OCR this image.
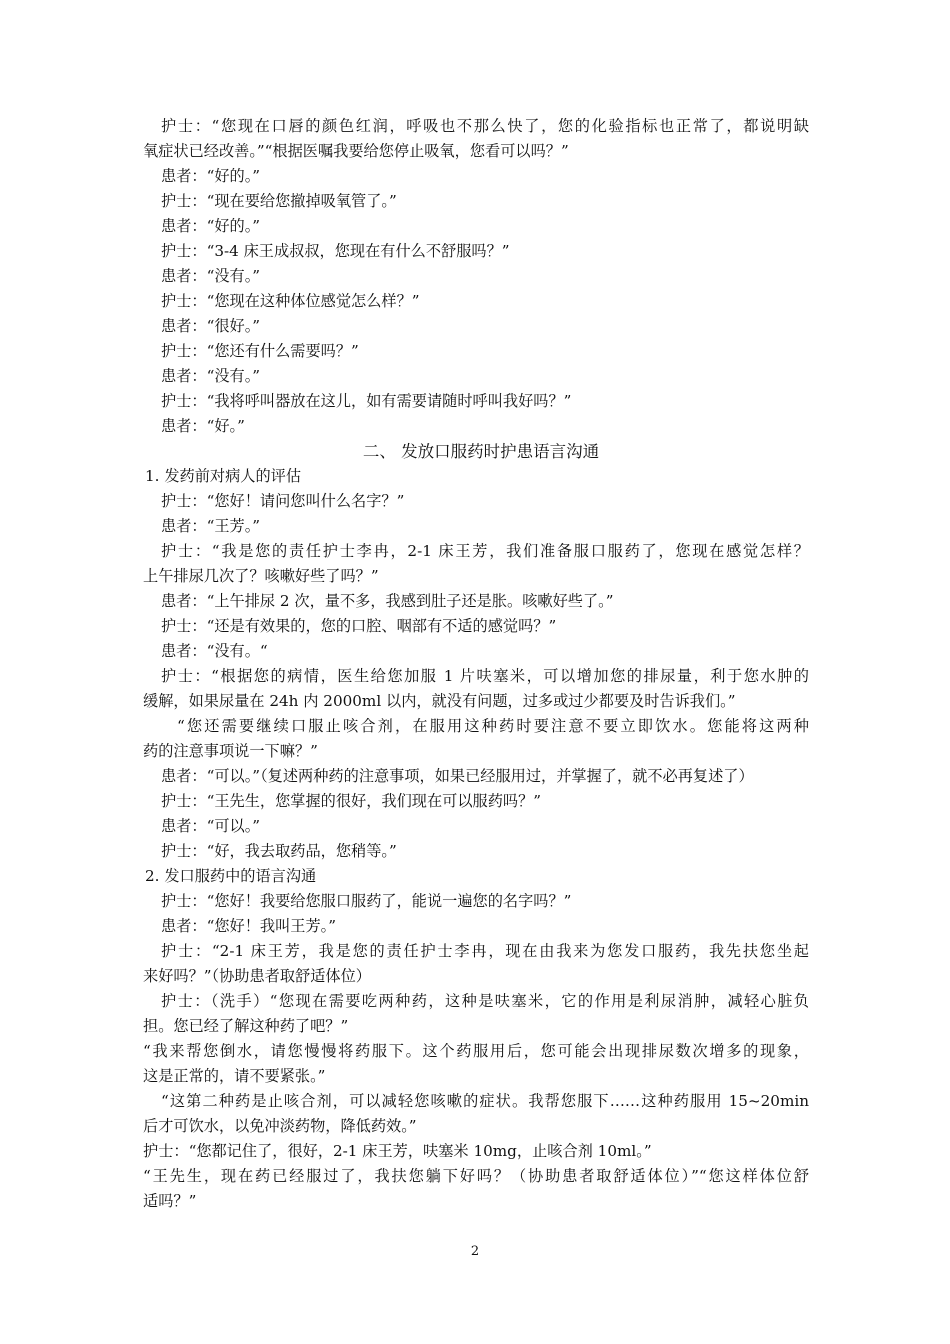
护士：“您现在口唇的颜色红润，呼吸也不那么快了，您的化验指标也正常了，都说明缺
氧症状已经改善。”“根据医嘱我要给您停止吸氧，您看可以吗？”
患者：“好的。”
护士：“现在要给您撤掉吸氧管了。”
患者：“好的。”
护士：“3-4 床王成叔叔，您现在有什么不舒服吗？”
患者：“没有。”
护士：“您现在这种体位感觉怎么样？”
患者：“很好。”
护士：“您还有什么需要吗？”
患者：“没有。”
护士：“我将呼叫器放在这儿，如有需要请随时呼叫我好吗？”
患者：“好。”
二、 发放口服药时护患语言沟通
1. 发药前对病人的评估
护士：“您好！请问您叫什么名字？”
患者：“王芳。”
护士：“我是您的责任护士李冉，2-1 床王芳，我们准备服口服药了，您现在感觉怎样？
上午排尿几次了？咳嗽好些了吗？”
患者：“上午排尿 2 次，量不多，我感到肚子还是胀。咳嗽好些了。”
护士：“还是有效果的，您的口腔、咽部有不适的感觉吗？”
患者：“没有。“
护士：“根据您的病情，医生给您加服 1 片呋塞米，可以增加您的排尿量，利于您水肿的
缓解，如果尿量在 24h 内 2000ml 以内，就没有问题，过多或过少都要及时告诉我们。”
“您还需要继续口服止咳合剂，在服用这种药时要注意不要立即饮水。您能将这两种
药的注意事项说一下嘛？”
患者：“可以。”（复述两种药的注意事项，如果已经服用过，并掌握了，就不必再复述了）
护士：“王先生，您掌握的很好，我们现在可以服药吗？”
患者：“可以。”
护士：“好，我去取药品，您稍等。”
2. 发口服药中的语言沟通
护士：“您好！我要给您服口服药了，能说一遍您的名字吗？”
患者：“您好！我叫王芳。”
护士：“2-1 床王芳，我是您的责任护士李冉，现在由我来为您发口服药，我先扶您坐起
来好吗？”（协助患者取舒适体位）
护士：（洗手）“您现在需要吃两种药，这种是呋塞米，它的作用是利尿消肿，减轻心脏负
担。您已经了解这种药了吧？”
“我来帮您倒水，请您慢慢将药服下。这个药服用后，您可能会出现排尿数次增多的现象，
这是正常的，请不要紧张。”
“这第二种药是止咳合剂，可以减轻您咳嗽的症状。我帮您服下……这种药服用 15~20min
后才可饮水，以免冲淡药物，降低药效。”
护士：“您都记住了，很好，2-1 床王芳，呋塞米 10mg，止咳合剂 10ml。”
“王先生，现在药已经服过了，我扶您躺下好吗？（协助患者取舒适体位）”“您这样体位舒
适吗？”
2
